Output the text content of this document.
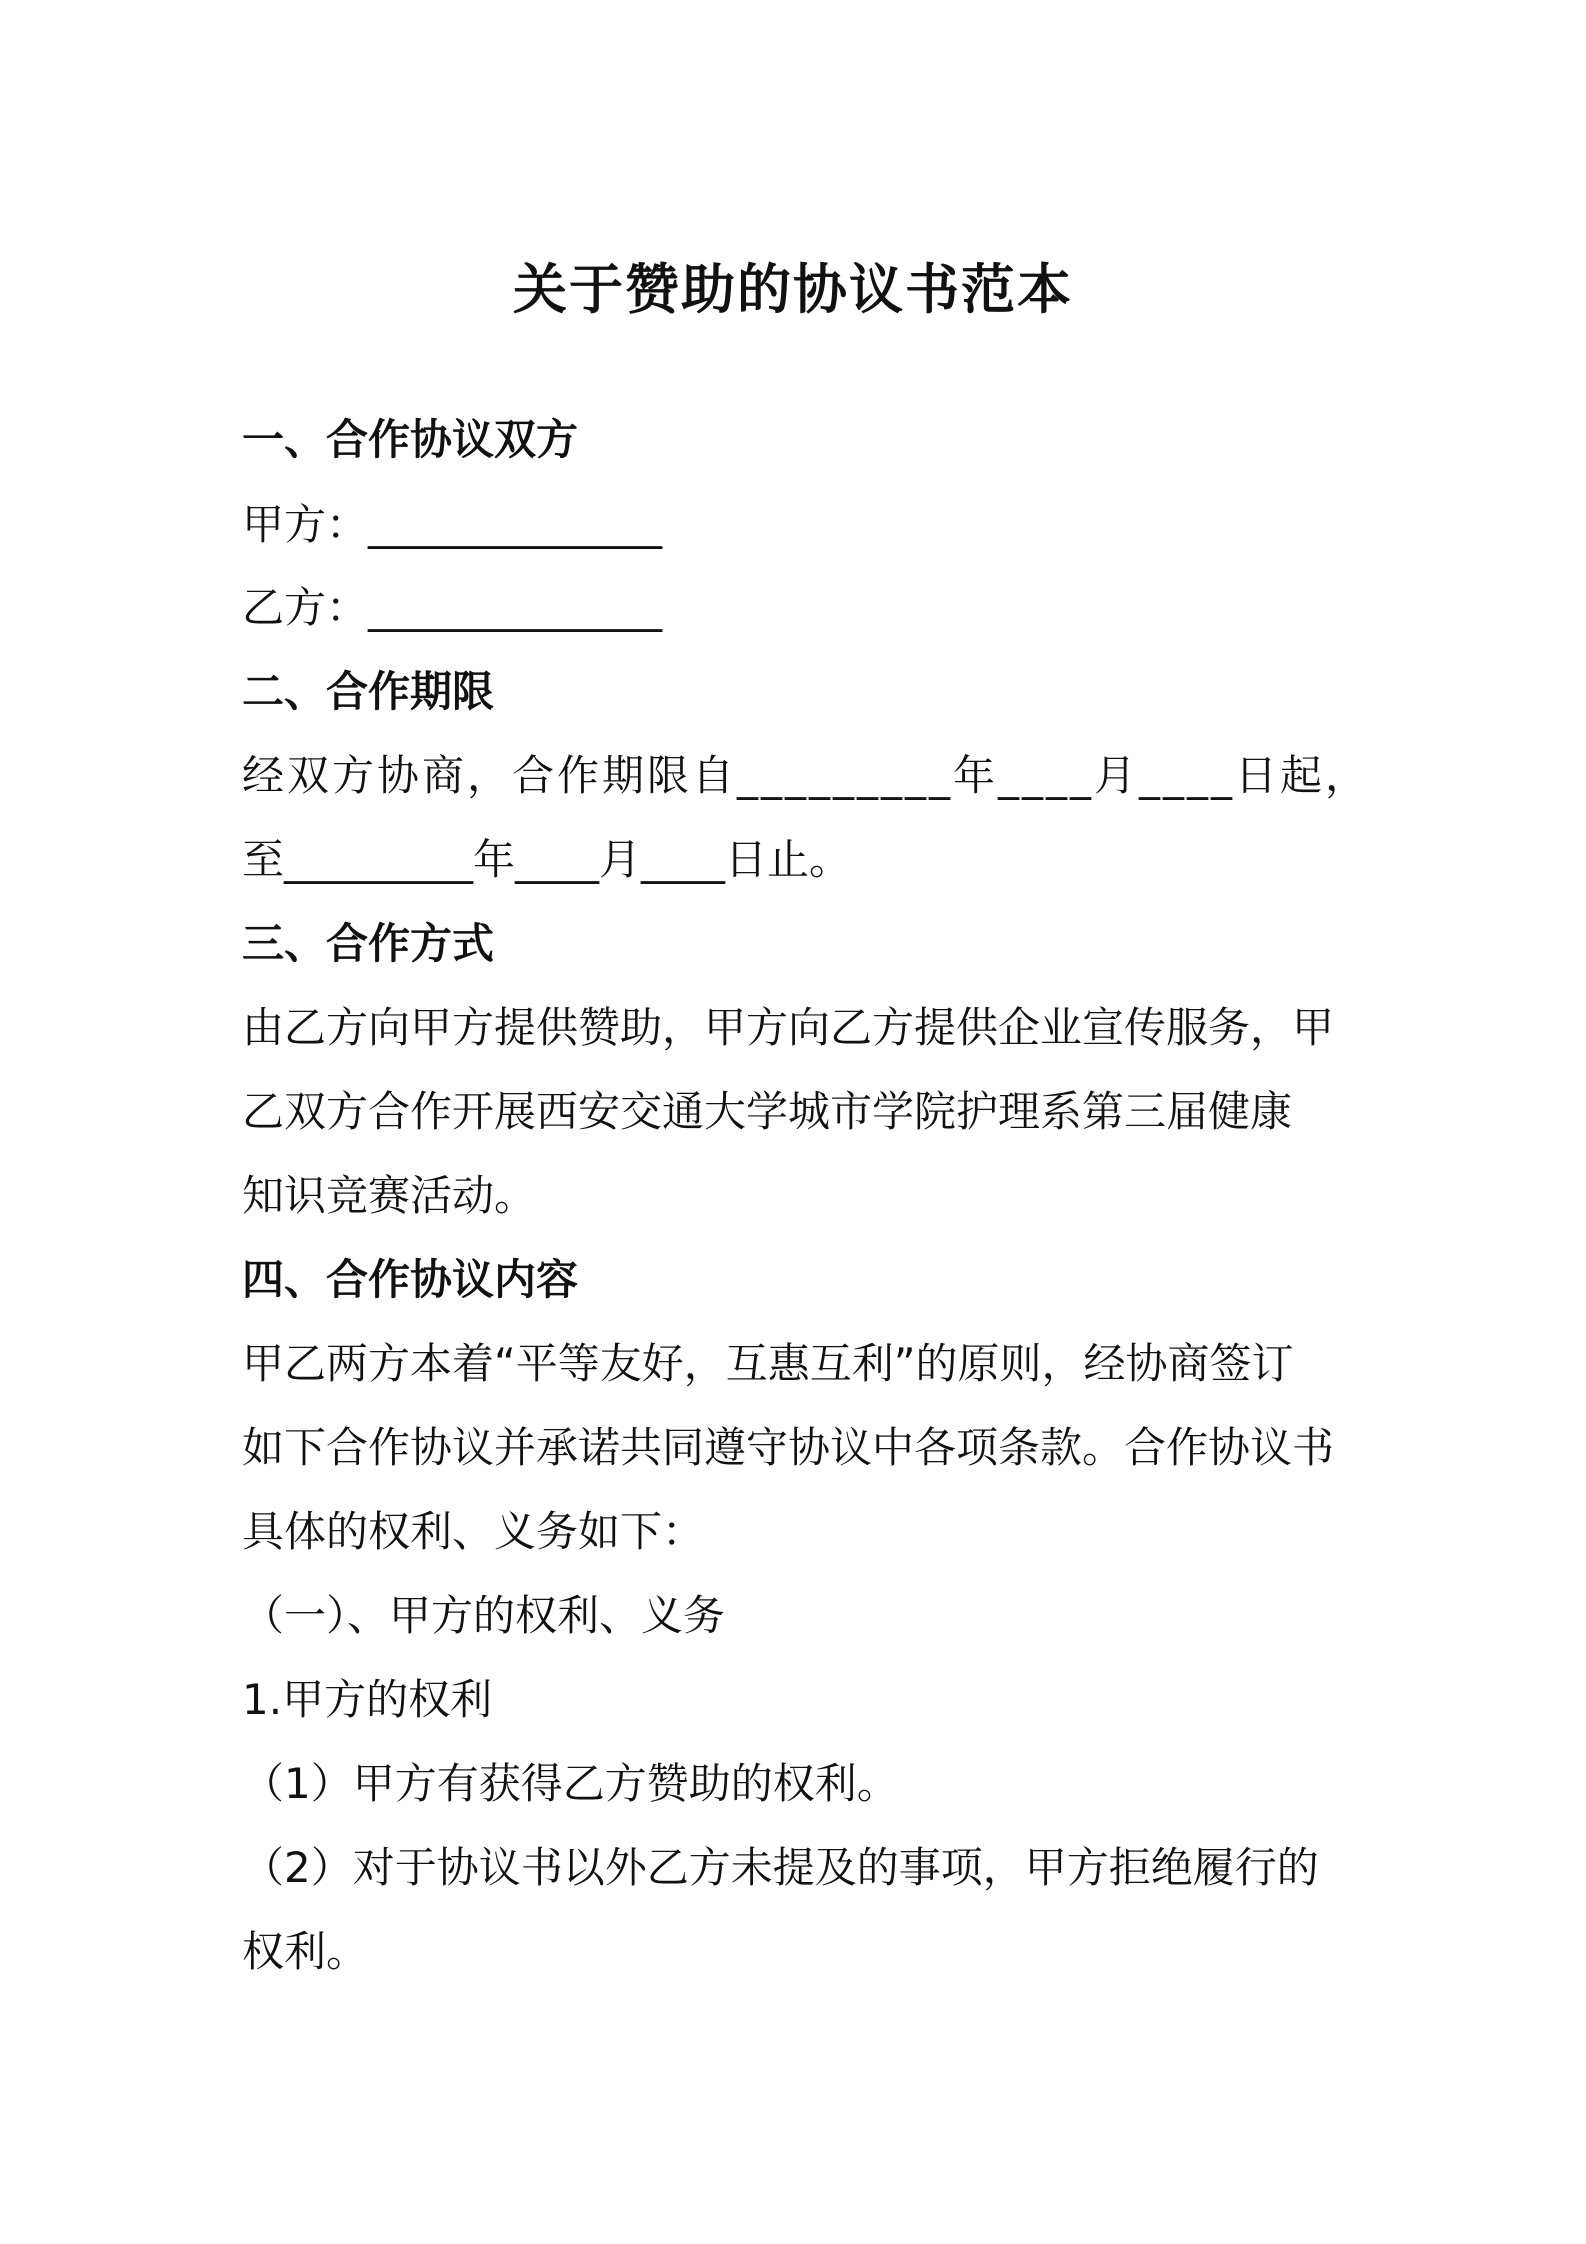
关于赞助的协议书范本
一、合作协议双方
甲方：______________
乙方：______________
二、合作期限
经双方协商，合作期限自_________年____月____日起，
至_________年____月____日止。
三、合作方式
由乙方向甲方提供赞助，甲方向乙方提供企业宣传服务，甲
乙双方合作开展西安交通大学城市学院护理系第三届健康
知识竞赛活动。
四、合作协议内容
甲乙两方本着“平等友好，互惠互利”的原则，经协商签订
如下合作协议并承诺共同遵守协议中各项条款。合作协议书
具体的权利、义务如下：
（一）、甲方的权利、义务
1.甲方的权利
（1）甲方有获得乙方赞助的权利。
（2）对于协议书以外乙方未提及的事项，甲方拒绝履行的
权利。
